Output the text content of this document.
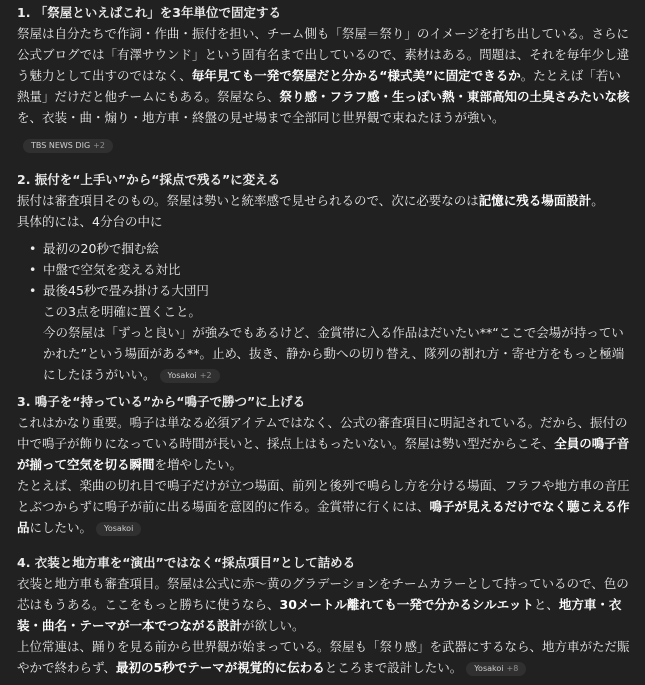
1. 「祭屋といえばこれ」を3年単位で固定する

祭屋は自分たちで作詞・作曲・振付を担い、チーム側も「祭屋＝祭り」のイメージを打ち出している。さらに公式ブログでは「有澤サウンド」という固有名まで出しているので、素材はある。問題は、それを毎年少し違う魅力として出すのではなく、毎年見ても一発で祭屋だと分かる“様式美”に固定できるか。たとえば「若い熱量」だけだと他チームにもある。祭屋なら、祭り感・フラフ感・生っぽい熱・東部高知の土臭さみたいな核を、衣装・曲・煽り・地方車・終盤の見せ場まで全部同じ世界観で束ねたほうが強い。

TBS NEWS DIG +2

2. 振付を“上手い”から“採点で残る”に変える

振付は審査項目そのもの。祭屋は勢いと統率感で見せられるので、次に必要なのは記憶に残る場面設計。

具体的には、4分台の中に

• 最初の20秒で掴む絵
• 中盤で空気を変える対比
• 最後45秒で畳み掛ける大団円

この3点を明確に置くこと。

今の祭屋は「ずっと良い」が強みでもあるけど、金賞帯に入る作品はだいたい**“ここで会場が持っていかれた”という場面がある**。止め、抜き、静から動への切り替え、隊列の割れ方・寄せ方をもっと極端にしたほうがいい。 Yosakoi +2

3. 鳴子を“持っている”から“鳴子で勝つ”に上げる

これはかなり重要。鳴子は単なる必須アイテムではなく、公式の審査項目に明記されている。だから、振付の中で鳴子が飾りになっている時間が長いと、採点上はもったいない。祭屋は勢い型だからこそ、全員の鳴子音が揃って空気を切る瞬間を増やしたい。

たとえば、楽曲の切れ目で鳴子だけが立つ場面、前列と後列で鳴らし方を分ける場面、フラフや地方車の音圧とぶつからずに鳴子が前に出る場面を意図的に作る。金賞帯に行くには、鳴子が見えるだけでなく聴こえる作品にしたい。 Yosakoi

4. 衣装と地方車を“演出”ではなく“採点項目”として詰める

衣装と地方車も審査項目。祭屋は公式に赤〜黄のグラデーションをチームカラーとして持っているので、色の芯はもうある。ここをもっと勝ちに使うなら、30メートル離れても一発で分かるシルエットと、地方車・衣装・曲名・テーマが一本でつながる設計が欲しい。

上位常連は、踊りを見る前から世界観が始まっている。祭屋も「祭り感」を武器にするなら、地方車がただ賑やかで終わらず、最初の5秒でテーマが視覚的に伝わるところまで設計したい。 Yosakoi +8
